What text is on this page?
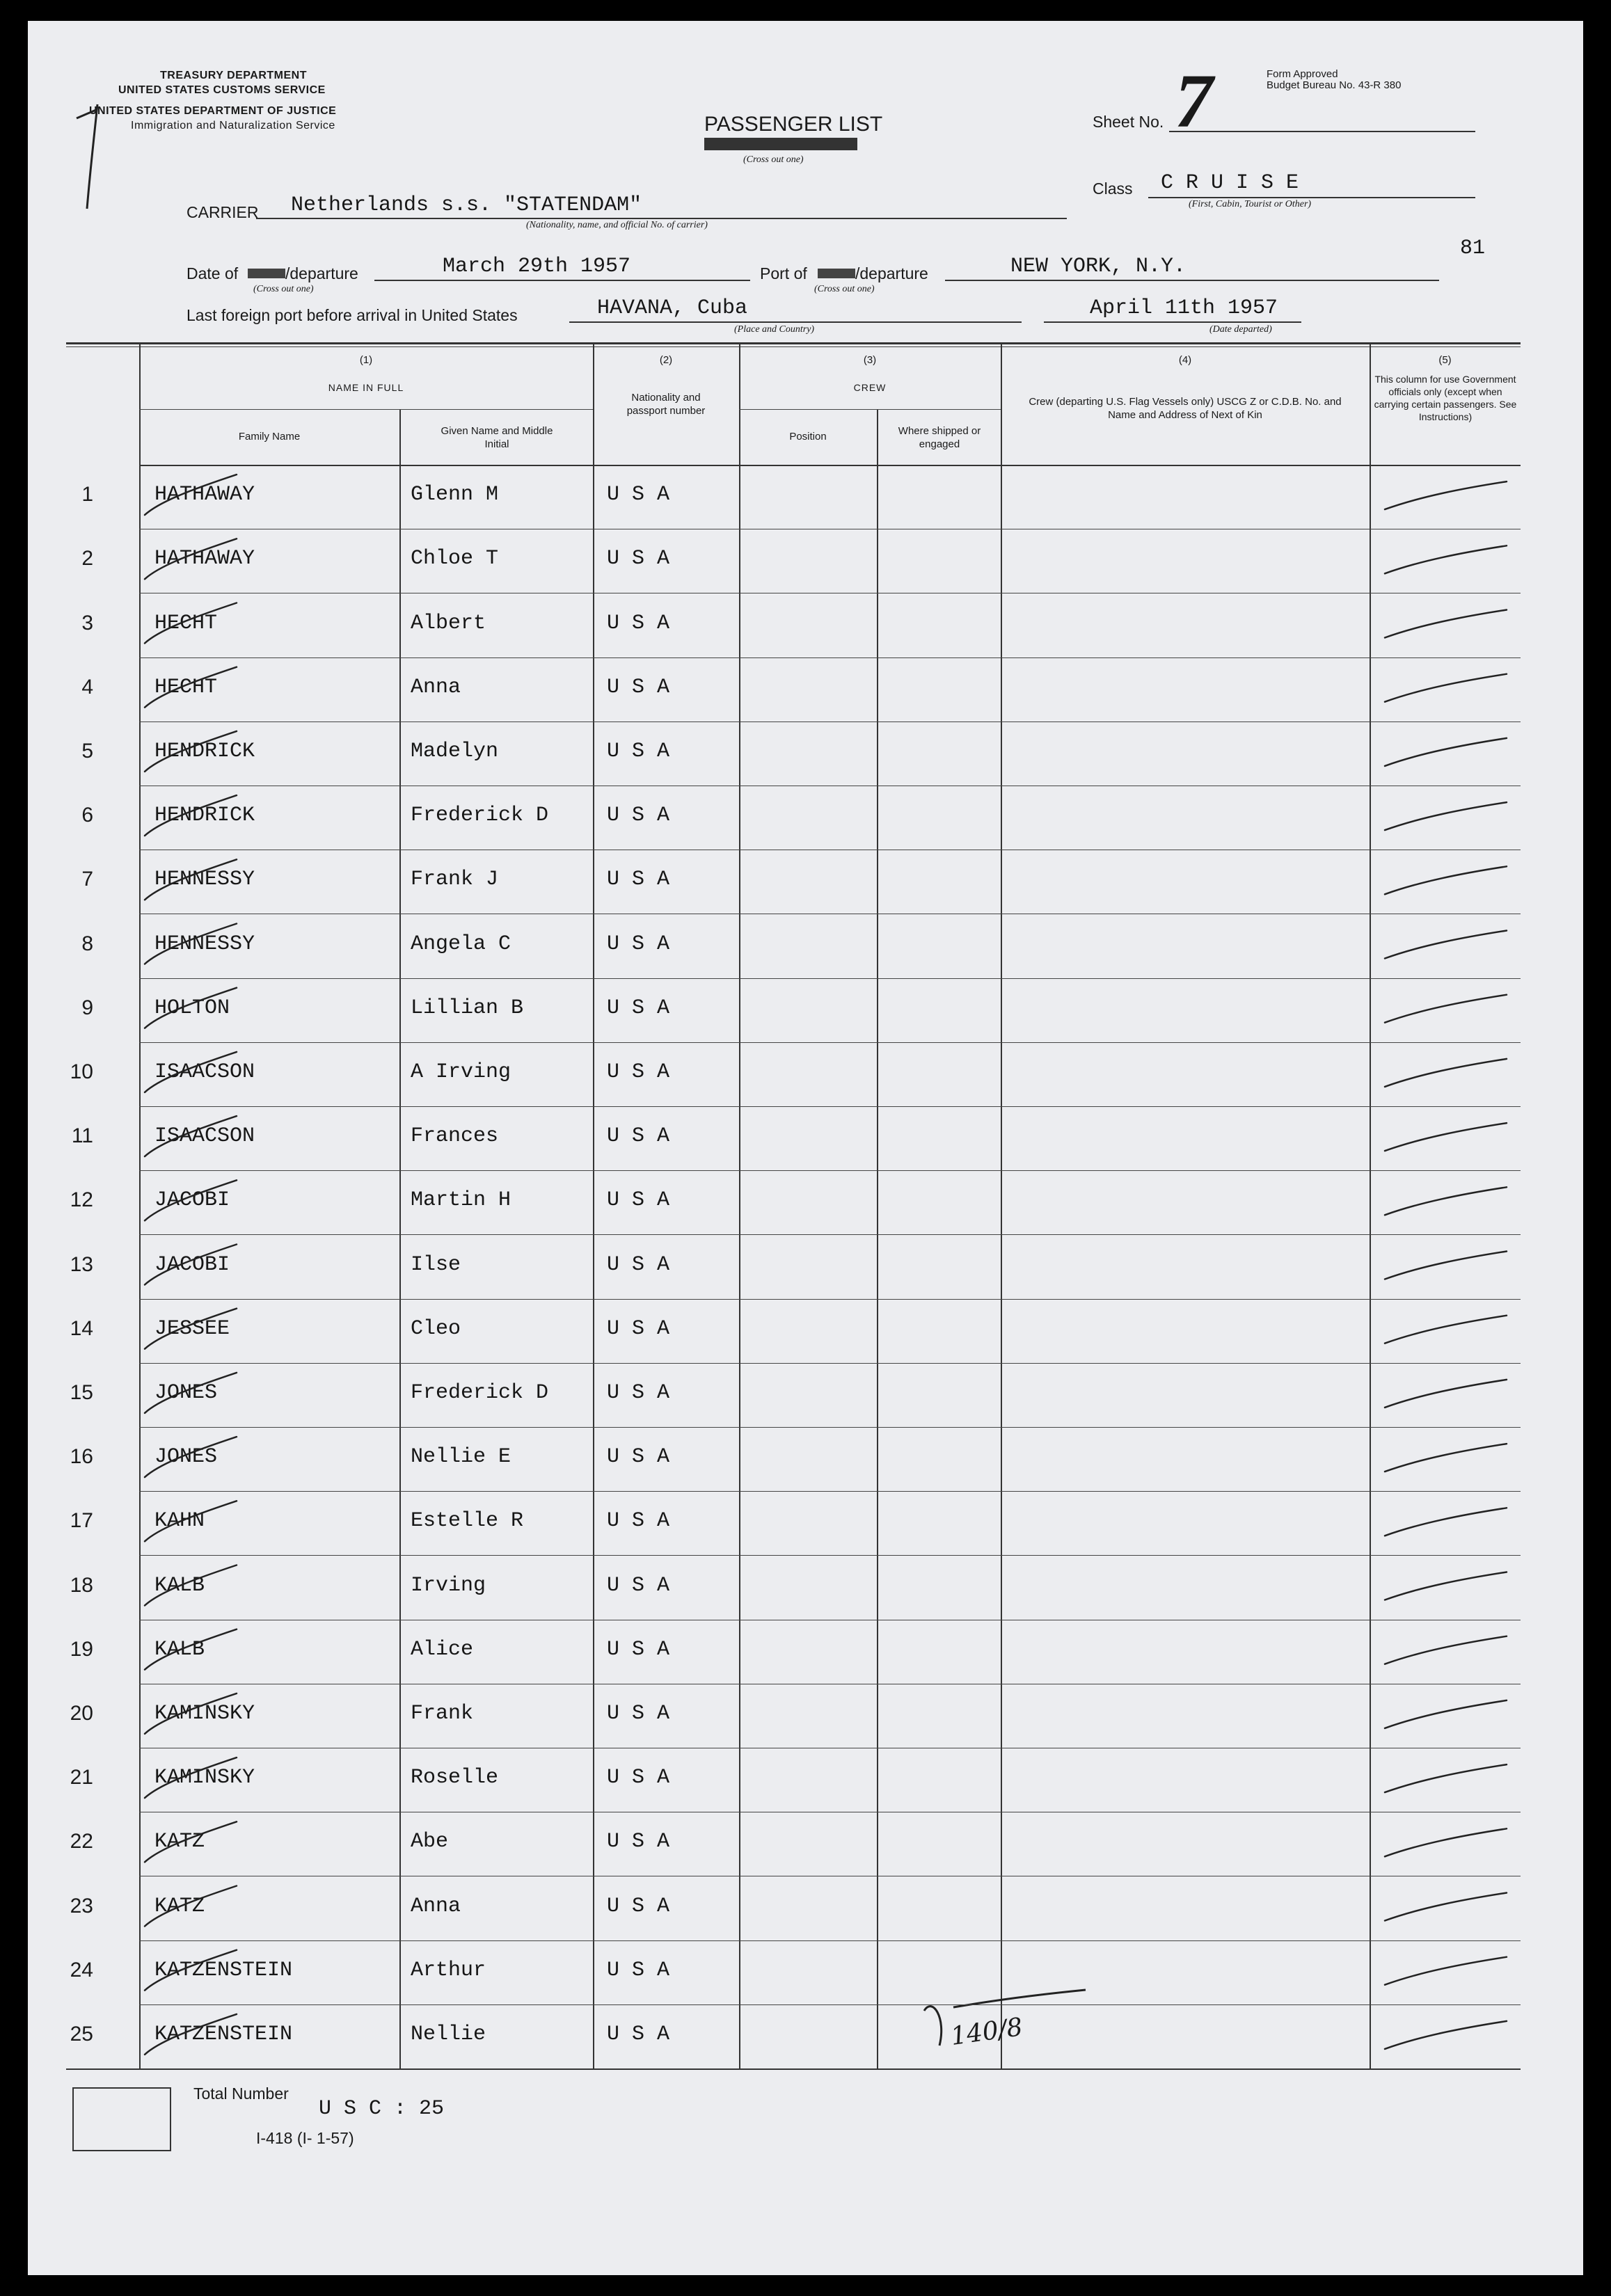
TREASURY DEPARTMENT
UNITED STATES CUSTOMS SERVICE
UNITED STATES DEPARTMENT OF JUSTICE
Immigration and Naturalization Service	PASSENGER LIST
(Cross out one)
Sheet No. 7	Form Approved
Budget Bureau No. 43-R 380
CARRIER Netherlands s.s. "STATENDAM"
(Nationality, name, and official No. of carrier)
Class C R U I S E
(First, Cabin, Tourist or Other)
81
Date of	/departure	March 29th 1957
(Cross out one)
Port of	/departure	NEW YORK, N.Y.
(Cross out one)
Last foreign port before arrival in United States	HAVANA, Cuba
(Place and Country)
April 11th 1957
(Date departed)
(1)
NAME IN FULL
Family Name	Given Name and Middle Initial
(2)
Nationality and passport number
(3)
CREW
Position	Where shipped or engaged
(4)
Crew (departing U.S. Flag Vessels only) USCG Z or C.D.B. No. and Name and Address of Next of Kin
(5)
This column for use Government officials only (except when carrying certain passengers. See Instructions)
1	HATHAWAY	Glenn M	U S A
2	HATHAWAY	Chloe T	U S A
3	HECHT	Albert	U S A
4	HECHT	Anna	U S A
5	HENDRICK	Madelyn	U S A
6	HENDRICK	Frederick D	U S A
7	HENNESSY	Frank J	U S A
8	HENNESSY	Angela C	U S A
9	HOLTON	Lillian B	U S A
10	ISAACSON	A Irving	U S A
11	ISAACSON	Frances	U S A
12	JACOBI	Martin H	U S A
13	JACOBI	Ilse	U S A
14	JESSEE	Cleo	U S A
15	JONES	Frederick D	U S A
16	JONES	Nellie E	U S A
17	KAHN	Estelle R	U S A
18	KALB	Irving	U S A
19	KALB	Alice	U S A
20	KAMINSKY	Frank	U S A
21	KAMINSKY	Roselle	U S A
22	KATZ	Abe	U S A
23	KATZ	Anna	U S A
24	KATZENSTEIN	Arthur	U S A
25	KATZENSTEIN	Nellie	U S A
Total Number
U S C : 25
I-418 (I- 1-57)
140/8
